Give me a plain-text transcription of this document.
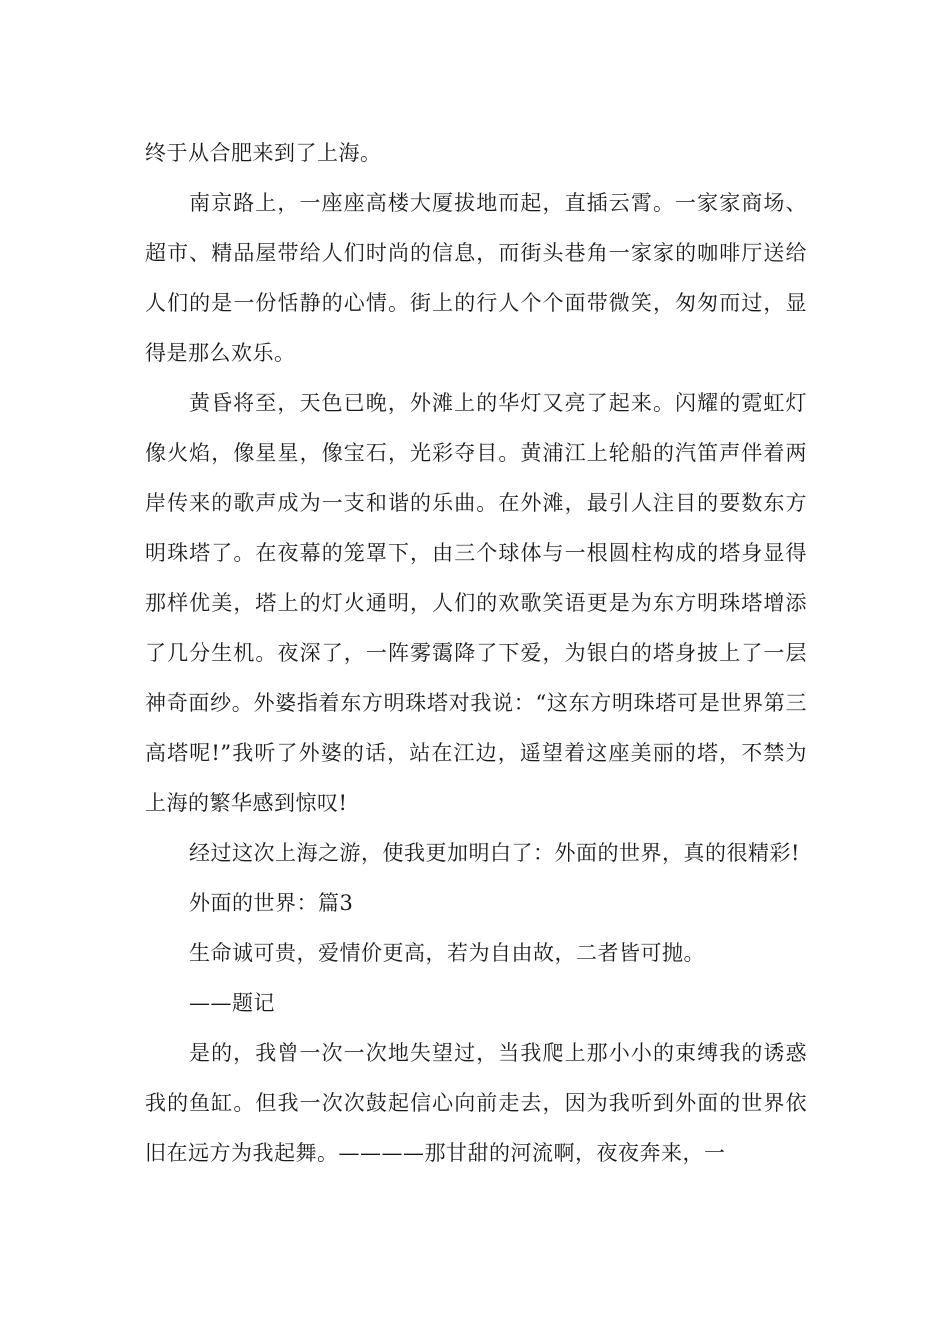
终于从合肥来到了上海。

南京路上，一座座高楼大厦拔地而起，直插云霄。一家家商场、超市、精品屋带给人们时尚的信息，而街头巷角一家家的咖啡厅送给人们的是一份恬静的心情。街上的行人个个面带微笑，匆匆而过，显得是那么欢乐。

黄昏将至，天色已晚，外滩上的华灯又亮了起来。闪耀的霓虹灯像火焰，像星星，像宝石，光彩夺目。黄浦江上轮船的汽笛声伴着两岸传来的歌声成为一支和谐的乐曲。在外滩，最引人注目的要数东方明珠塔了。在夜幕的笼罩下，由三个球体与一根圆柱构成的塔身显得那样优美，塔上的灯火通明，人们的欢歌笑语更是为东方明珠塔增添了几分生机。夜深了，一阵雾霭降了下爱，为银白的塔身披上了一层神奇面纱。外婆指着东方明珠塔对我说：“这东方明珠塔可是世界第三高塔呢!”我听了外婆的话，站在江边，遥望着这座美丽的塔，不禁为上海的繁华感到惊叹!

经过这次上海之游，使我更加明白了：外面的世界，真的很精彩!

外面的世界：篇3

生命诚可贵，爱情价更高，若为自由故，二者皆可抛。

——题记

是的，我曾一次一次地失望过，当我爬上那小小的束缚我的诱惑我的鱼缸。但我一次次鼓起信心向前走去，因为我听到外面的世界依旧在远方为我起舞。————那甘甜的河流啊，夜夜奔来，一
